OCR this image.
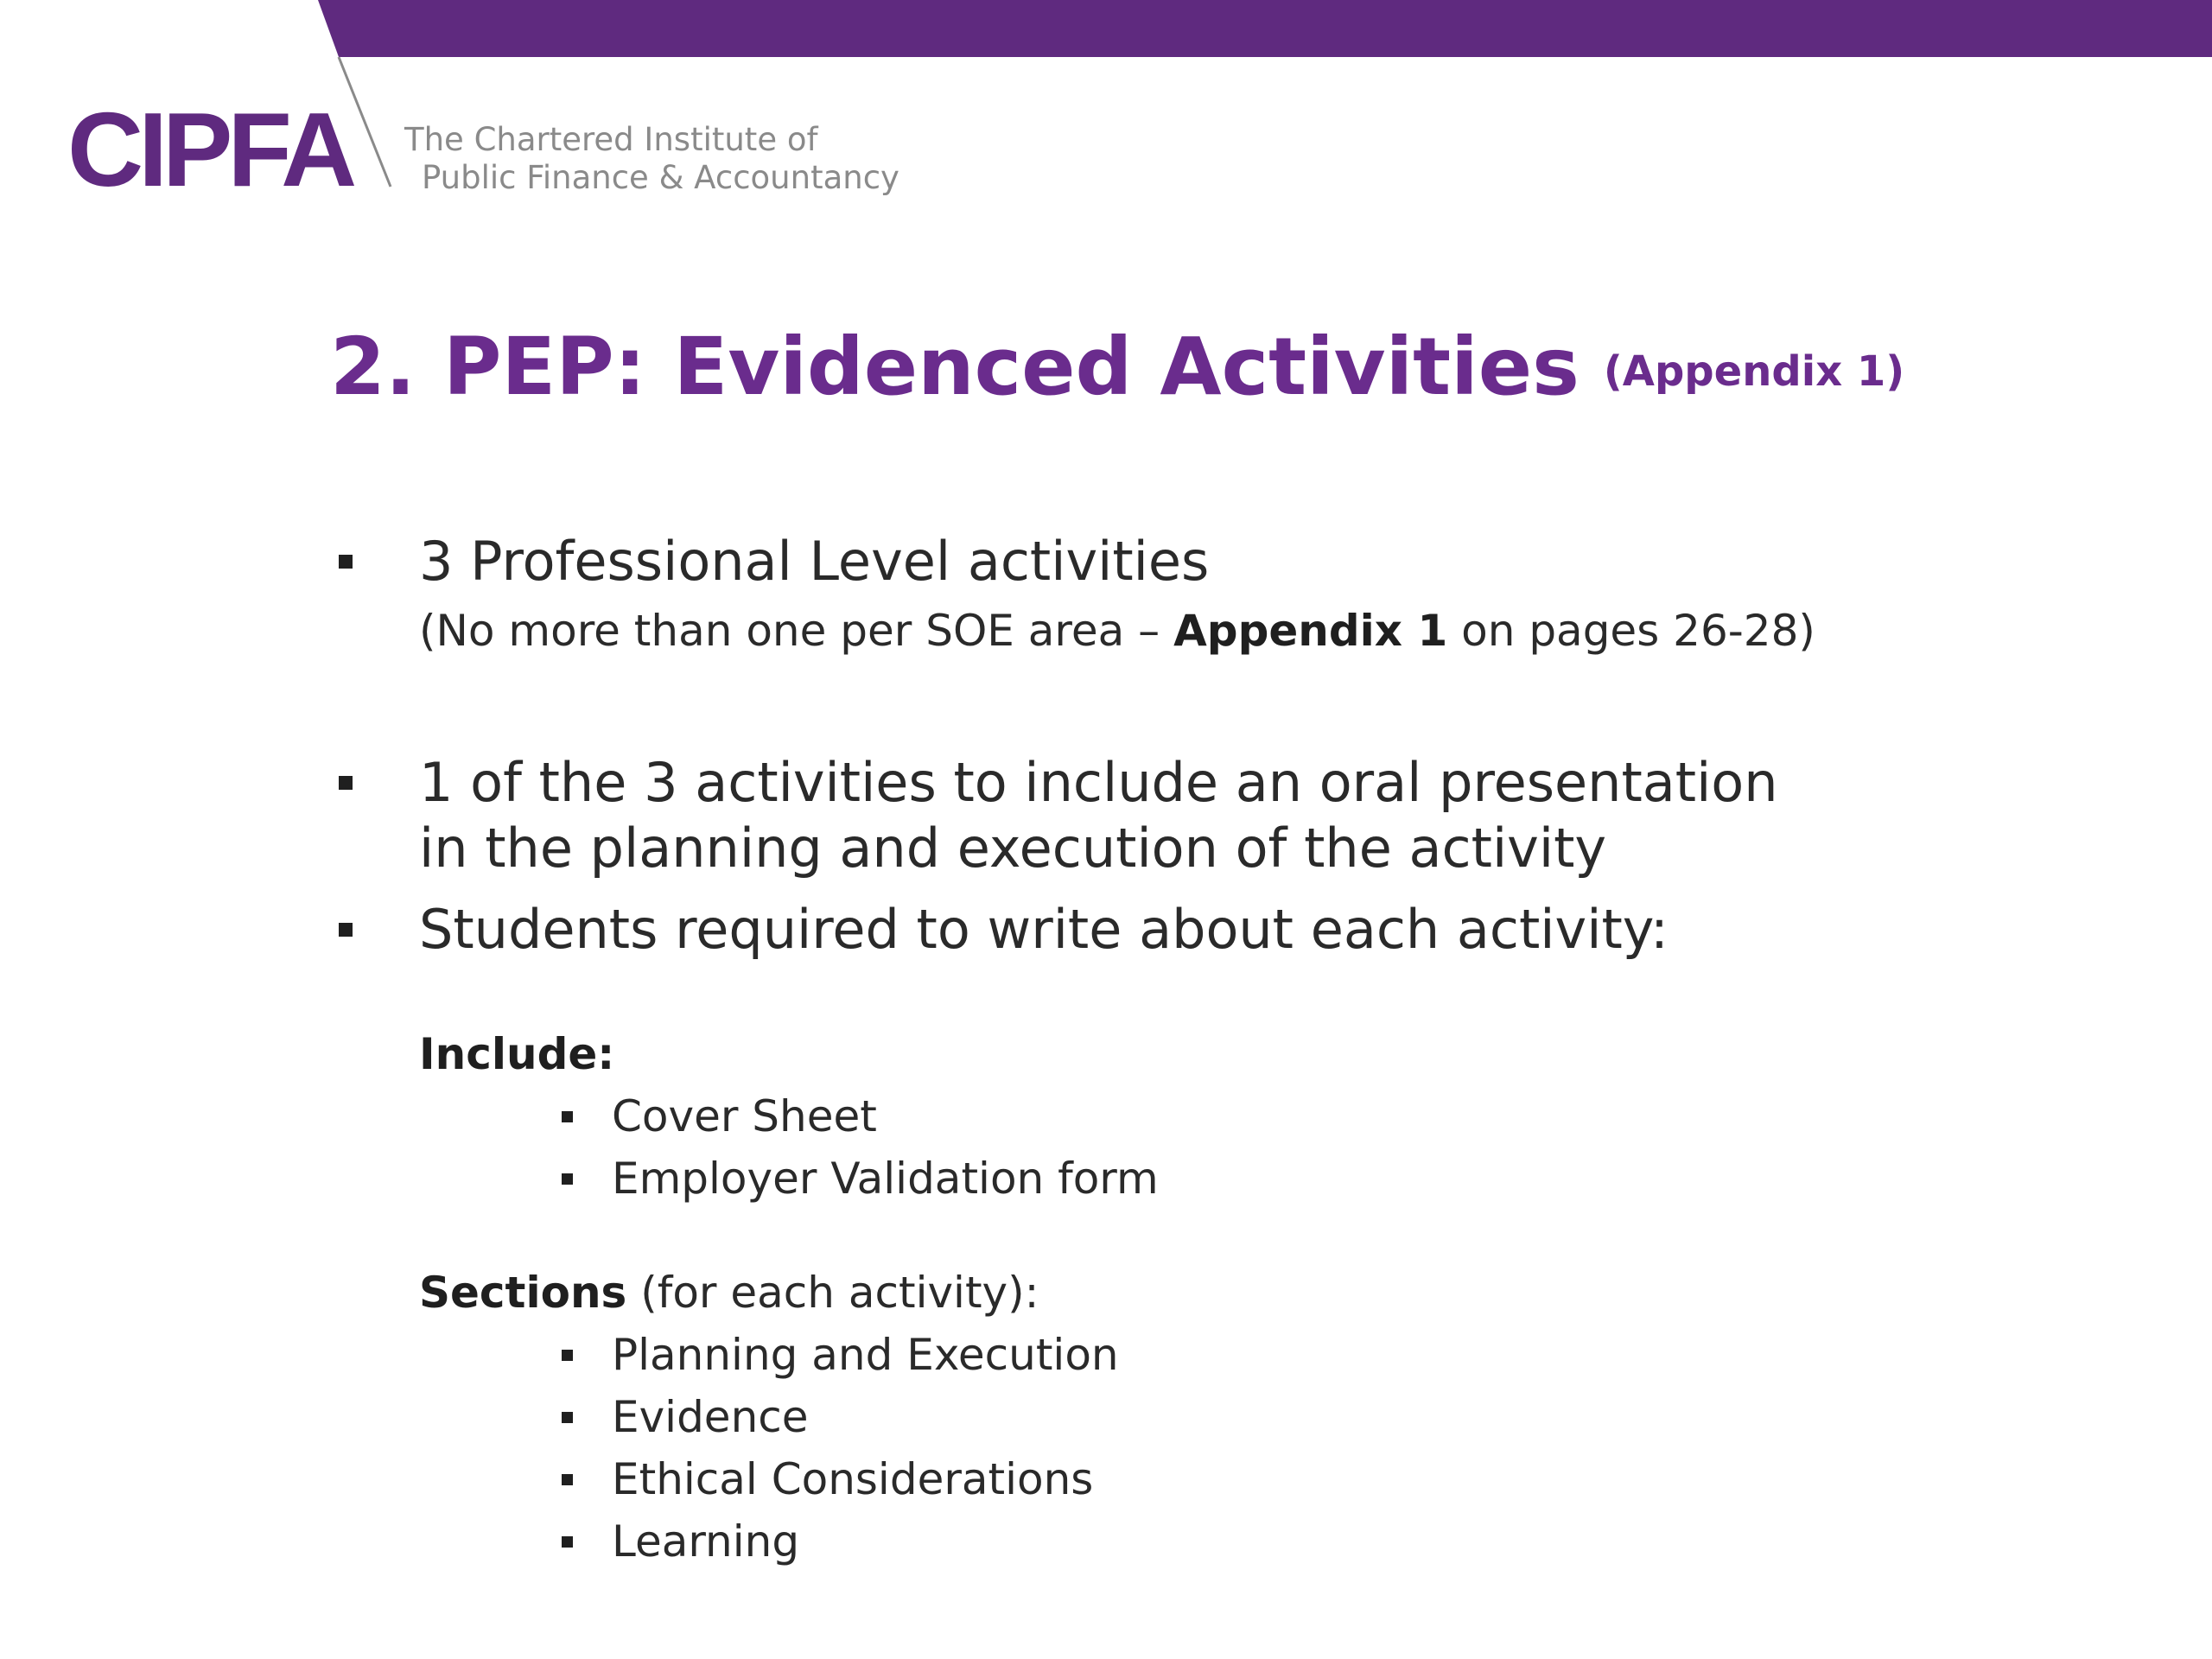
CIPFA The Chartered Institute of
Public Finance & Accountancy
2. PEP: Evidenced Activities (Appendix 1)
3 Professional Level activities
(No more than one per SOE area – Appendix 1 on pages 26-28)
1 of the 3 activities to include an oral presentation
in the planning and execution of the activity
Students required to write about each activity:
Include:
Cover Sheet
Employer Validation form
Sections (for each activity):
Planning and Execution
Evidence
Ethical Considerations
Learning
